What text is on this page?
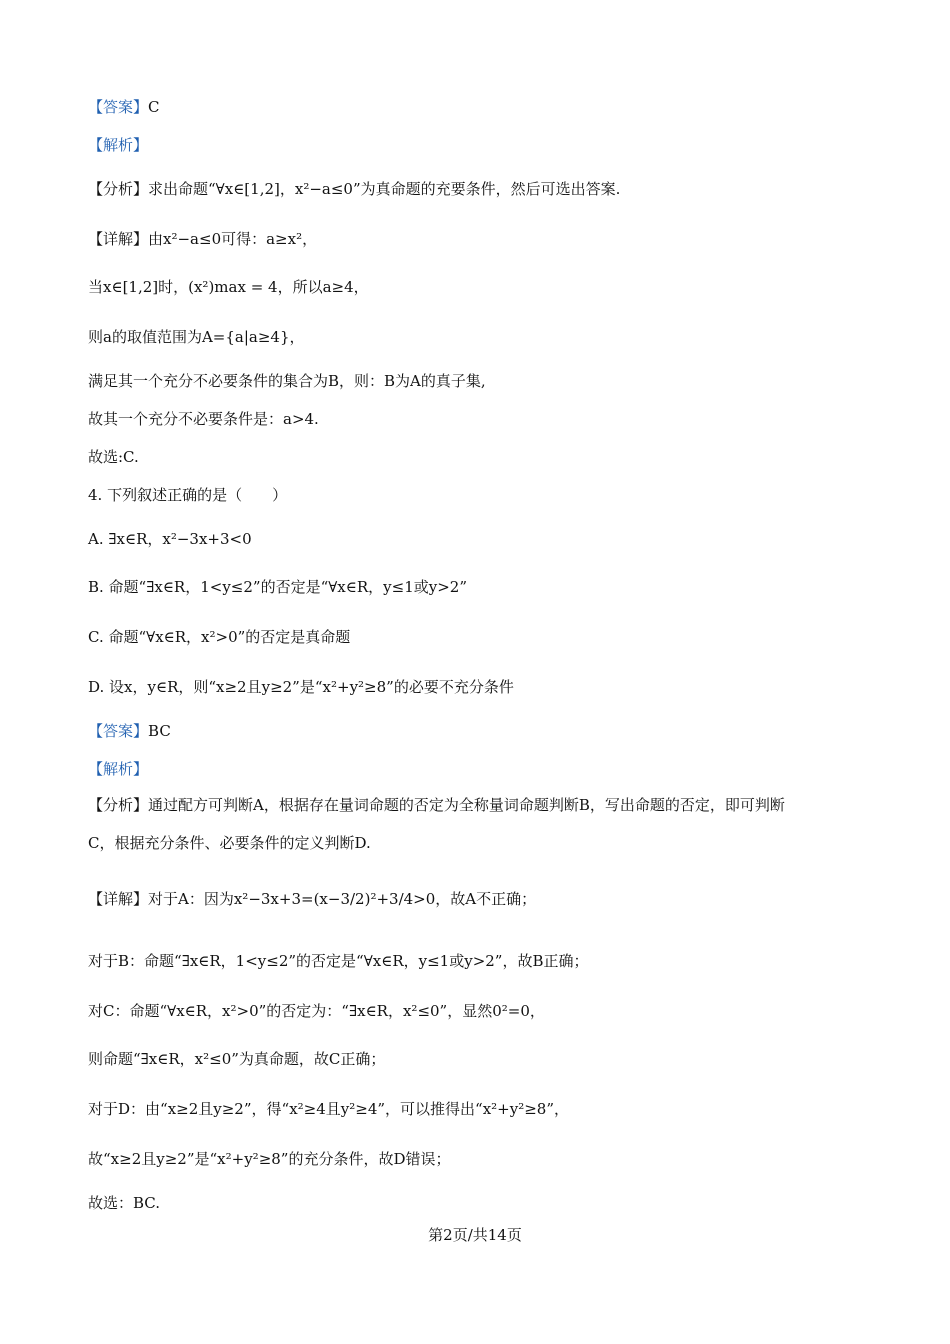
【答案】C
【解析】
【分析】求出命题“∀x∈[1,2]，x²−a≤0”为真命题的充要条件，然后可选出答案.
【详解】由x²−a≤0可得：a≥x²，
当x∈[1,2]时，(x²)max = 4，所以a≥4，
则a的取值范围为A={a|a≥4}，
满足其一个充分不必要条件的集合为B，则：B为A的真子集,
故其一个充分不必要条件是：a>4.
故选:C.
4. 下列叙述正确的是（　　）
A. ∃x∈R，x²−3x+3<0
B. 命题“∃x∈R，1<y≤2”的否定是“∀x∈R，y≤1或y>2”
C. 命题“∀x∈R，x²>0”的否定是真命题
D. 设x，y∈R，则“x≥2且y≥2”是“x²+y²≥8”的必要不充分条件
【答案】BC
【解析】
【分析】通过配方可判断A，根据存在量词命题的否定为全称量词命题判断B，写出命题的否定，即可判断
C，根据充分条件、必要条件的定义判断D.
【详解】对于A：因为x²−3x+3=(x−3/2)²+3/4>0，故A不正确；
对于B：命题“∃x∈R，1<y≤2”的否定是“∀x∈R，y≤1或y>2”，故B正确；
对C：命题“∀x∈R，x²>0”的否定为：“∃x∈R，x²≤0”，显然0²=0，
则命题“∃x∈R，x²≤0”为真命题，故C正确；
对于D：由“x≥2且y≥2”，得“x²≥4且y²≥4”，可以推得出“x²+y²≥8”，
故“x≥2且y≥2”是“x²+y²≥8”的充分条件，故D错误；
故选：BC.
第2页/共14页
